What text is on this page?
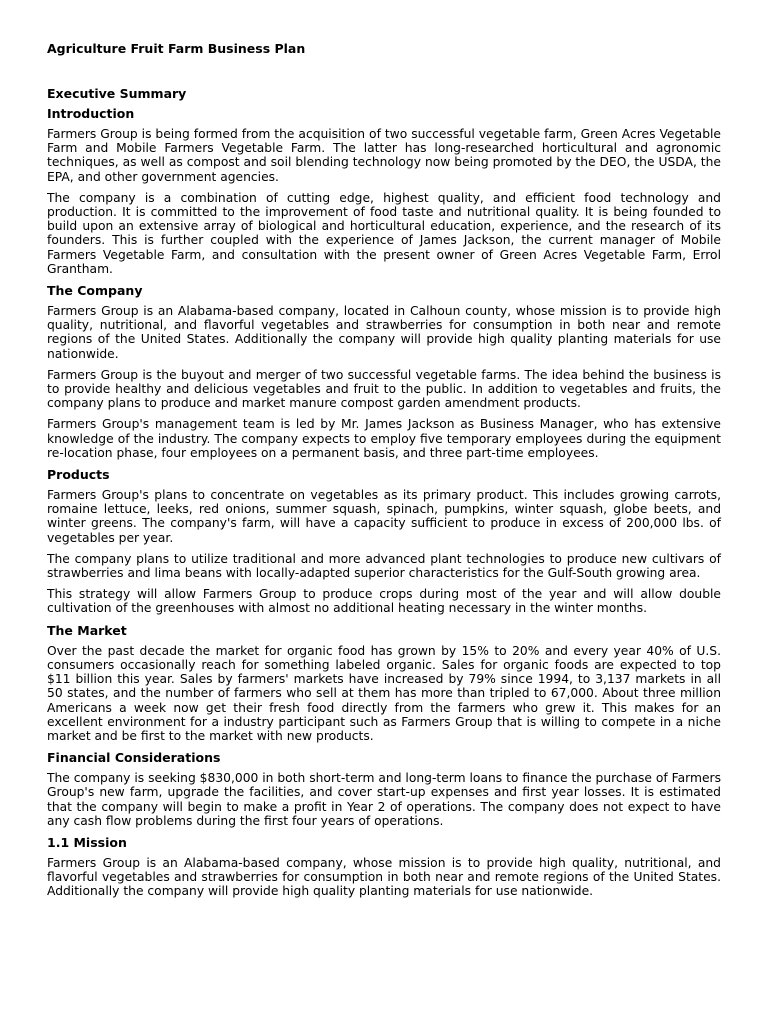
Agriculture Fruit Farm Business Plan
Executive Summary
Introduction

Farmers Group is being formed from the acquisition of two successful vegetable farm, Green Acres Vegetable Farm and Mobile Farmers Vegetable Farm. The latter has long-researched horticultural and agronomic techniques, as well as compost and soil blending technology now being promoted by the DEO, the USDA, the EPA, and other government agencies.

The company is a combination of cutting edge, highest quality, and efficient food technology and production. It is committed to the improvement of food taste and nutritional quality. It is being founded to build upon an extensive array of biological and horticultural education, experience, and the research of its founders. This is further coupled with the experience of James Jackson, the current manager of Mobile Farmers Vegetable Farm, and consultation with the present owner of Green Acres Vegetable Farm, Errol Grantham.

The Company

Farmers Group is an Alabama-based company, located in Calhoun county, whose mission is to provide high quality, nutritional, and flavorful vegetables and strawberries for consumption in both near and remote regions of the United States. Additionally the company will provide high quality planting materials for use nationwide.

Farmers Group is the buyout and merger of two successful vegetable farms. The idea behind the business is to provide healthy and delicious vegetables and fruit to the public. In addition to vegetables and fruits, the company plans to produce and market manure compost garden amendment products.

Farmers Group's management team is led by Mr. James Jackson as Business Manager, who has extensive knowledge of the industry. The company expects to employ five temporary employees during the equipment re-location phase, four employees on a permanent basis, and three part-time employees.

Products

Farmers Group's plans to concentrate on vegetables as its primary product. This includes growing carrots, romaine lettuce, leeks, red onions, summer squash, spinach, pumpkins, winter squash, globe beets, and winter greens. The company's farm, will have a capacity sufficient to produce in excess of 200,000 lbs. of vegetables per year.

The company plans to utilize traditional and more advanced plant technologies to produce new cultivars of strawberries and lima beans with locally-adapted superior characteristics for the Gulf-South growing area.

This strategy will allow Farmers Group to produce crops during most of the year and will allow double cultivation of the greenhouses with almost no additional heating necessary in the winter months.

The Market

Over the past decade the market for organic food has grown by 15% to 20% and every year 40% of U.S. consumers occasionally reach for something labeled organic. Sales for organic foods are expected to top $11 billion this year. Sales by farmers' markets have increased by 79% since 1994, to 3,137 markets in all 50 states, and the number of farmers who sell at them has more than tripled to 67,000. About three million Americans a week now get their fresh food directly from the farmers who grew it. This makes for an excellent environment for a industry participant such as Farmers Group that is willing to compete in a niche market and be first to the market with new products.

Financial Considerations

The company is seeking $830,000 in both short-term and long-term loans to finance the purchase of Farmers Group's new farm, upgrade the facilities, and cover start-up expenses and first year losses. It is estimated that the company will begin to make a profit in Year 2 of operations. The company does not expect to have any cash flow problems during the first four years of operations.

1.1 Mission

Farmers Group is an Alabama-based company, whose mission is to provide high quality, nutritional, and flavorful vegetables and strawberries for consumption in both near and remote regions of the United States. Additionally the company will provide high quality planting materials for use nationwide.
